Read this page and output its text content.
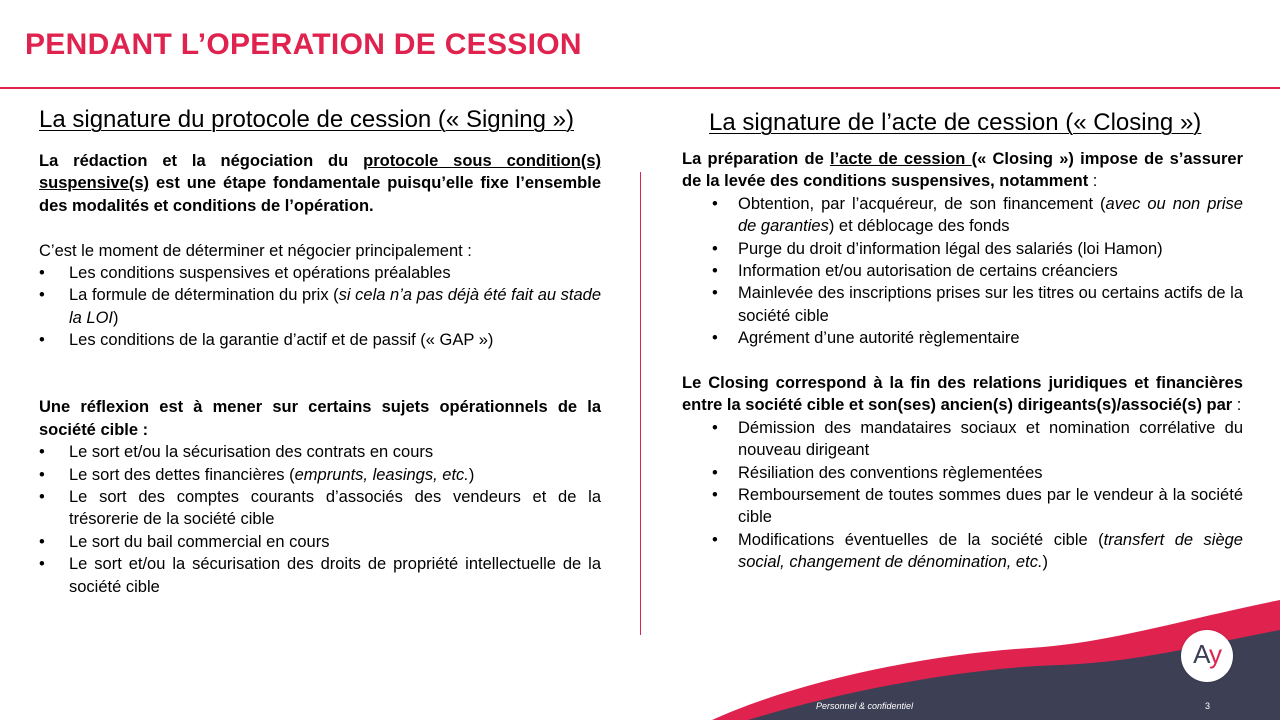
PENDANT L’OPERATION DE CESSION
La signature du protocole de cession (« Signing »)

La rédaction et la négociation du protocole sous condition(s) suspensive(s) est une étape fondamentale puisqu’elle fixe l’ensemble des modalités et conditions de l’opération.

C’est le moment de déterminer et négocier principalement :

• Les conditions suspensives et opérations préalables
• La formule de détermination du prix (si cela n’a pas déjà été fait au stade la LOI)
• Les conditions de la garantie d’actif et de passif (« GAP »)

Une réflexion est à mener sur certains sujets opérationnels de la société cible :

• Le sort et/ou la sécurisation des contrats en cours
• Le sort des dettes financières (emprunts, leasings, etc.)
• Le sort des comptes courants d’associés des vendeurs et de la trésorerie de la société cible
• Le sort du bail commercial en cours
• Le sort et/ou la sécurisation des droits de propriété intellectuelle de la société cible
La signature de l’acte de cession (« Closing »)

La préparation de l’acte de cession (« Closing ») impose de s’assurer de la levée des conditions suspensives, notamment :

• Obtention, par l’acquéreur, de son financement (avec ou non prise de garanties) et déblocage des fonds
• Purge du droit d’information légal des salariés (loi Hamon)
• Information et/ou autorisation de certains créanciers
• Mainlevée des inscriptions prises sur les titres ou certains actifs de la société cible
• Agrément d’une autorité règlementaire

Le Closing correspond à la fin des relations juridiques et financières entre la société cible et son(ses) ancien(s) dirigeants(s)/associé(s) par :

• Démission des mandataires sociaux et nomination corrélative du nouveau dirigeant
• Résiliation des conventions règlementées
• Remboursement de toutes sommes dues par le vendeur à la société cible
• Modifications éventuelles de la société cible (transfert de siège social, changement de dénomination, etc.)
Personnel & confidentiel	3
Ay
